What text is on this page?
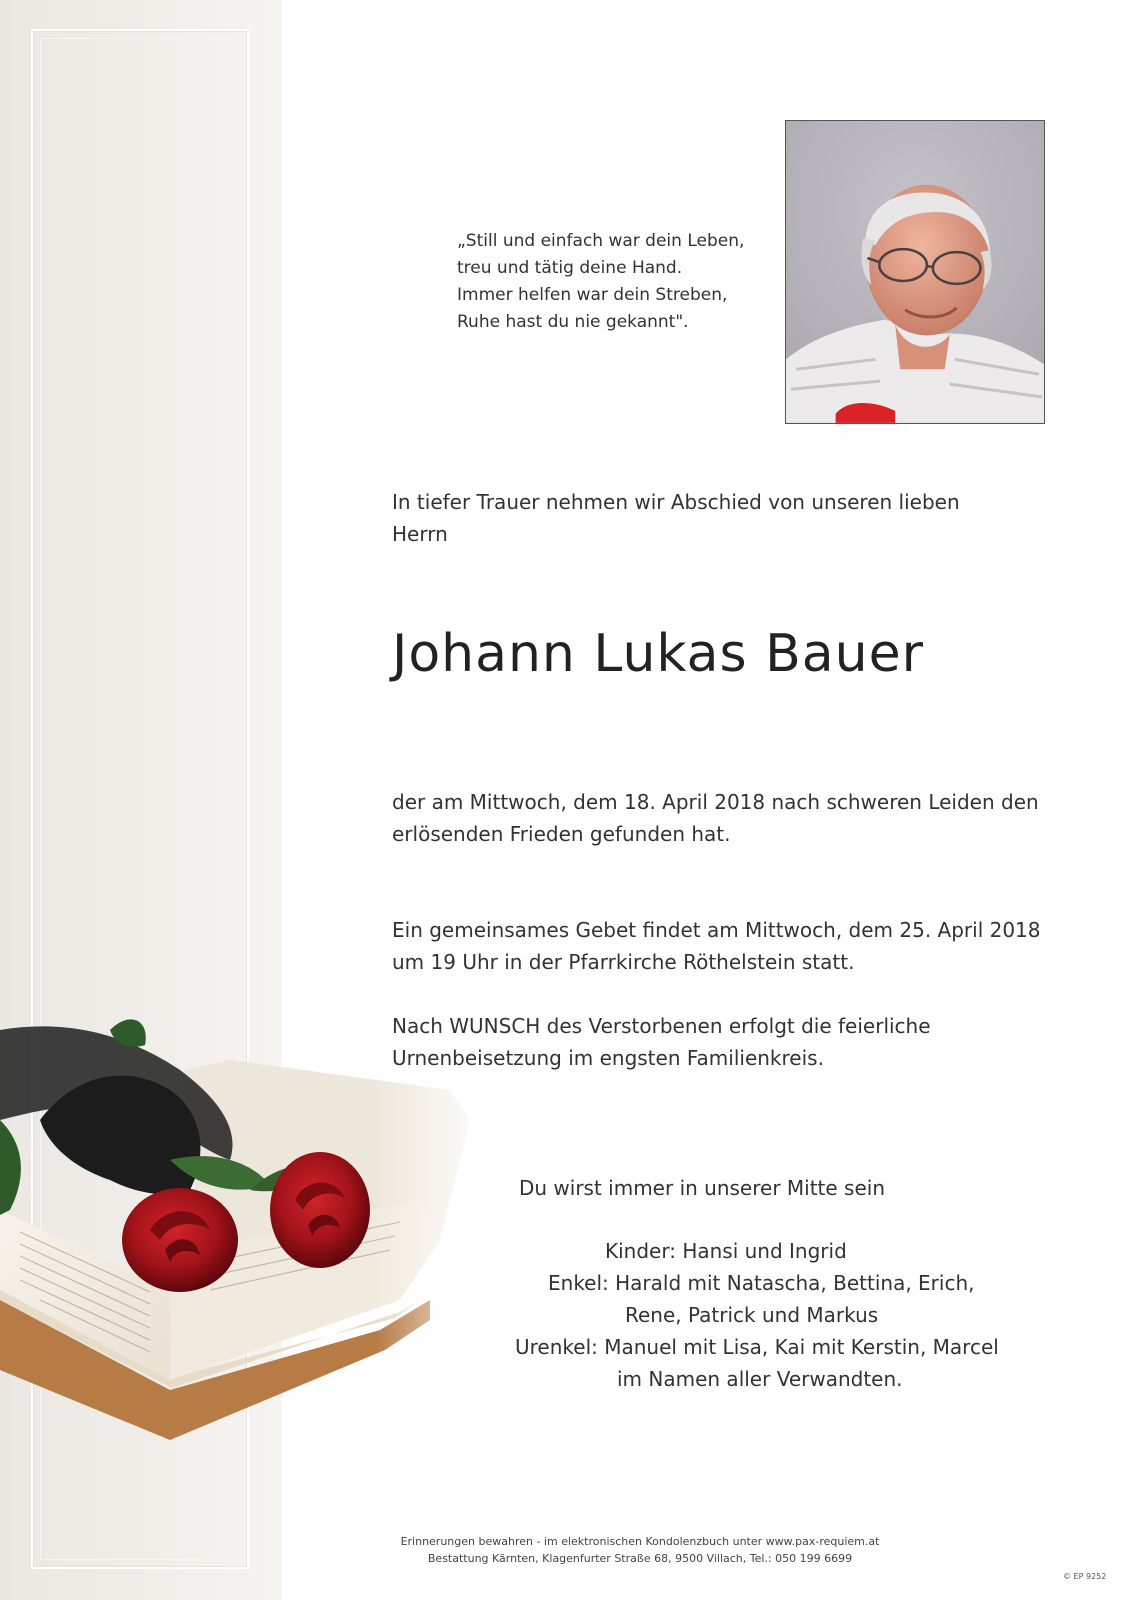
„Still und einfach war dein Leben,
treu und tätig deine Hand.
Immer helfen war dein Streben,
Ruhe hast du nie gekannt".
In tiefer Trauer nehmen wir Abschied von unseren lieben
Herrn
Johann Lukas Bauer
der am Mittwoch, dem 18. April 2018 nach schweren Leiden den
erlösenden Frieden gefunden hat.
Ein gemeinsames Gebet findet am Mittwoch, dem 25. April 2018
um 19 Uhr in der Pfarrkirche Röthelstein statt.
Nach WUNSCH des Verstorbenen erfolgt die feierliche
Urnenbeisetzung im engsten Familienkreis.
Du wirst immer in unserer Mitte sein
Kinder: Hansi und Ingrid
Enkel: Harald mit Natascha, Bettina, Erich,
Rene, Patrick und Markus
Urenkel: Manuel mit Lisa, Kai mit Kerstin, Marcel
im Namen aller Verwandten.
Erinnerungen bewahren - im elektronischen Kondolenzbuch unter www.pax-requiem.at
Bestattung Kärnten, Klagenfurter Straße 68, 9500 Villach, Tel.: 050 199 6699
© EP 9252
